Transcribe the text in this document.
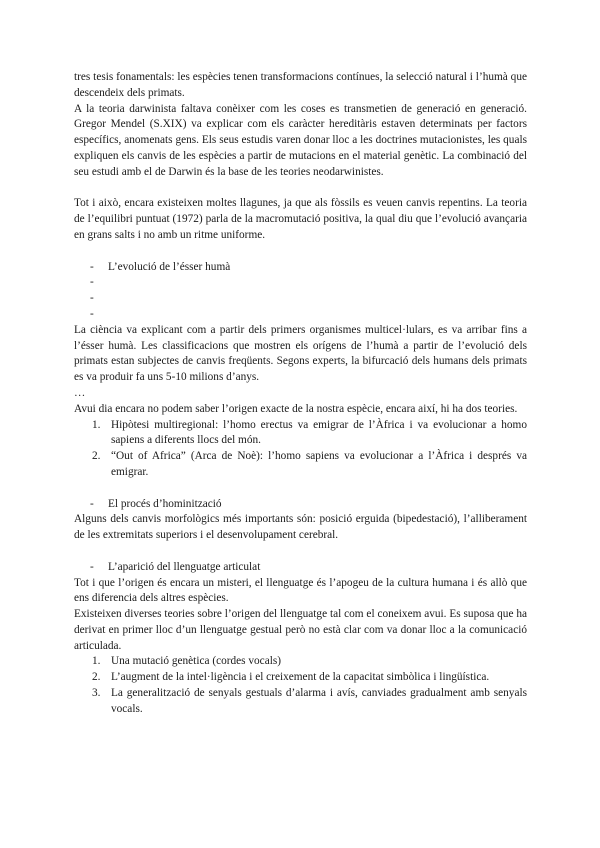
tres tesis fonamentals: les espècies tenen transformacions contínues, la selecció natural i l’humà que descendeix dels primats.

A la teoria darwinista faltava conèixer com les coses es transmetien de generació en generació. Gregor Mendel (S.XIX) va explicar com els caràcter hereditàris estaven determinats per factors específics, anomenats gens. Els seus estudis varen donar lloc a les doctrines mutacionistes, les quals expliquen els canvis de les espècies a partir de mutacions en el material genètic. La combinació del seu estudi amb el de Darwin és la base de les teories neodarwinistes.

Tot i això, encara existeixen moltes llagunes, ja que als fòssils es veuen canvis repentins. La teoria de l’equilibri puntuat (1972) parla de la macromutació positiva, la qual diu que l’evolució avançaria en grans salts i no amb un ritme uniforme.

- L’evolució de l’ésser humà
-
-
-

La ciència va explicant com a partir dels primers organismes multicel·lulars, es va arribar fins a l’ésser humà. Les classificacions que mostren els orígens de l’humà a partir de l’evolució dels primats estan subjectes de canvis freqüents. Segons experts, la bifurcació dels humans dels primats es va produir fa uns 5-10 milions d’anys.

…

Avui dia encara no podem saber l’origen exacte de la nostra espècie, encara així, hi ha dos teories.

1. Hipòtesi multiregional: l’homo erectus va emigrar de l’Àfrica i va evolucionar a homo sapiens a diferents llocs del món.
2. “Out of Africa” (Arca de Noè): l’homo sapiens va evolucionar a l’Àfrica i després va emigrar.
- El procés d’hominització

Alguns dels canvis morfològics més importants són: posició erguida (bipedestació), l’alliberament de les extremitats superiors i el desenvolupament cerebral.

- L’aparició del llenguatge articulat

Tot i que l’origen és encara un misteri, el llenguatge és l’apogeu de la cultura humana i és allò que ens diferencia dels altres espècies.

Existeixen diverses teories sobre l’origen del llenguatge tal com el coneixem avui. Es suposa que ha derivat en primer lloc d’un llenguatge gestual però no està clar com va donar lloc a la comunicació articulada.

1. Una mutació genètica (cordes vocals)
2. L’augment de la intel·ligència i el creixement de la capacitat simbòlica i lingüística.
3. La generalització de senyals gestuals d’alarma i avís, canviades gradualment amb senyals vocals.
